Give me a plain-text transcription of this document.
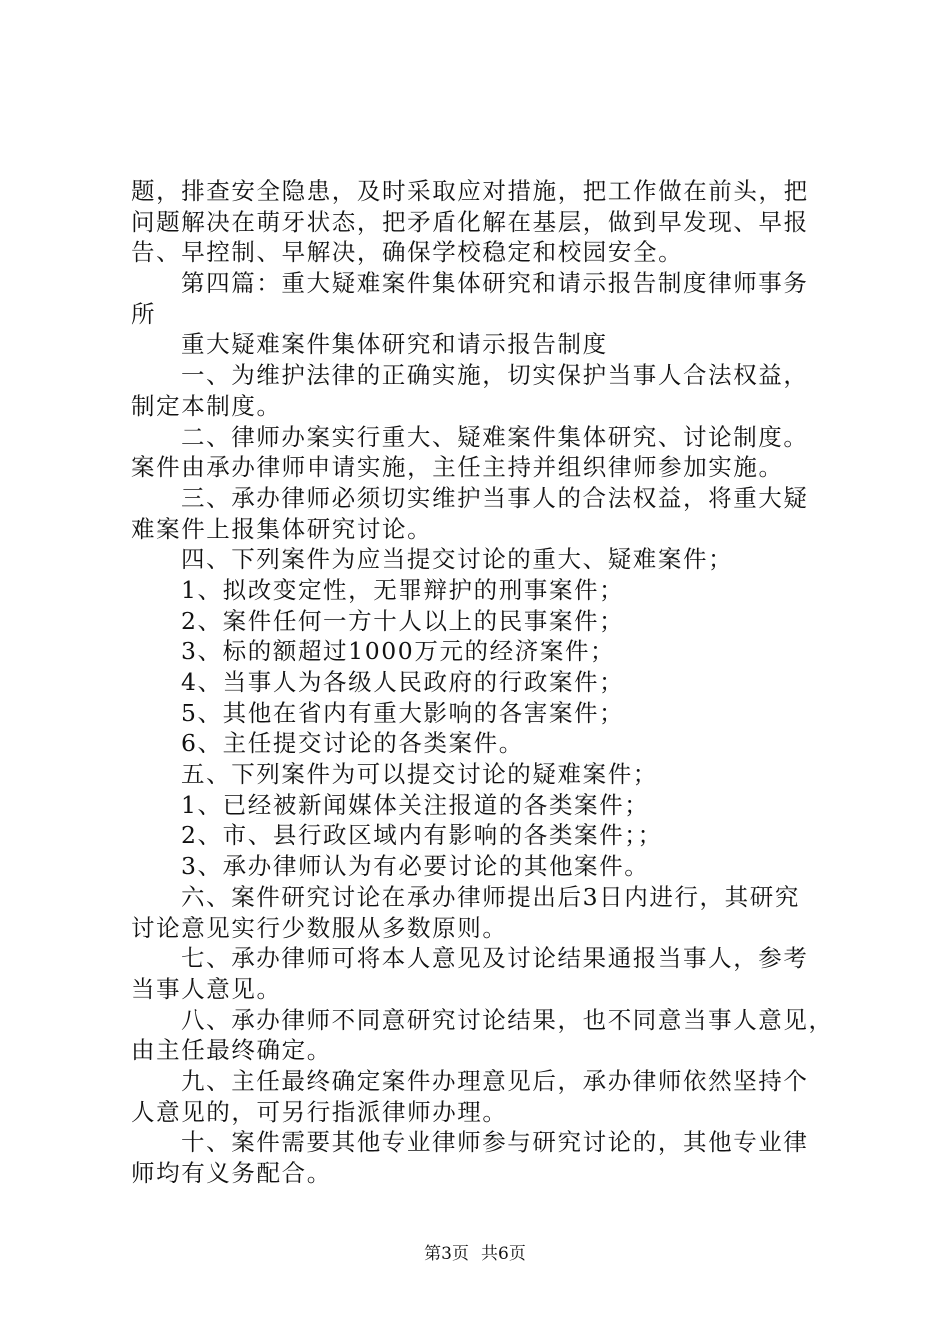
题，排查安全隐患，及时采取应对措施，把工作做在前头，把
问题解决在萌牙状态，把矛盾化解在基层，做到早发现、早报
告、早控制、早解决，确保学校稳定和校园安全。
第四篇：重大疑难案件集体研究和请示报告制度律师事务
所
重大疑难案件集体研究和请示报告制度
一、为维护法律的正确实施，切实保护当事人合法权益，
制定本制度。
二、律师办案实行重大、疑难案件集体研究、讨论制度。
案件由承办律师申请实施，主任主持并组织律师参加实施。
三、承办律师必须切实维护当事人的合法权益，将重大疑
难案件上报集体研究讨论。
四、下列案件为应当提交讨论的重大、疑难案件；
1、拟改变定性，无罪辩护的刑事案件；
2、案件任何一方十人以上的民事案件；
3、标的额超过1000万元的经济案件；
4、当事人为各级人民政府的行政案件；
5、其他在省内有重大影响的各害案件；
6、主任提交讨论的各类案件。
五、下列案件为可以提交讨论的疑难案件；
1、已经被新闻媒体关注报道的各类案件；
2、市、县行政区域内有影响的各类案件；；
3、承办律师认为有必要讨论的其他案件。
六、案件研究讨论在承办律师提出后3日内进行，其研究
讨论意见实行少数服从多数原则。
七、承办律师可将本人意见及讨论结果通报当事人，参考
当事人意见。
八、承办律师不同意研究讨论结果，也不同意当事人意见，
由主任最终确定。
九、主任最终确定案件办理意见后，承办律师依然坚持个
人意见的，可另行指派律师办理。
十、案件需要其他专业律师参与研究讨论的，其他专业律
师均有义务配合。
第3页 共6页
